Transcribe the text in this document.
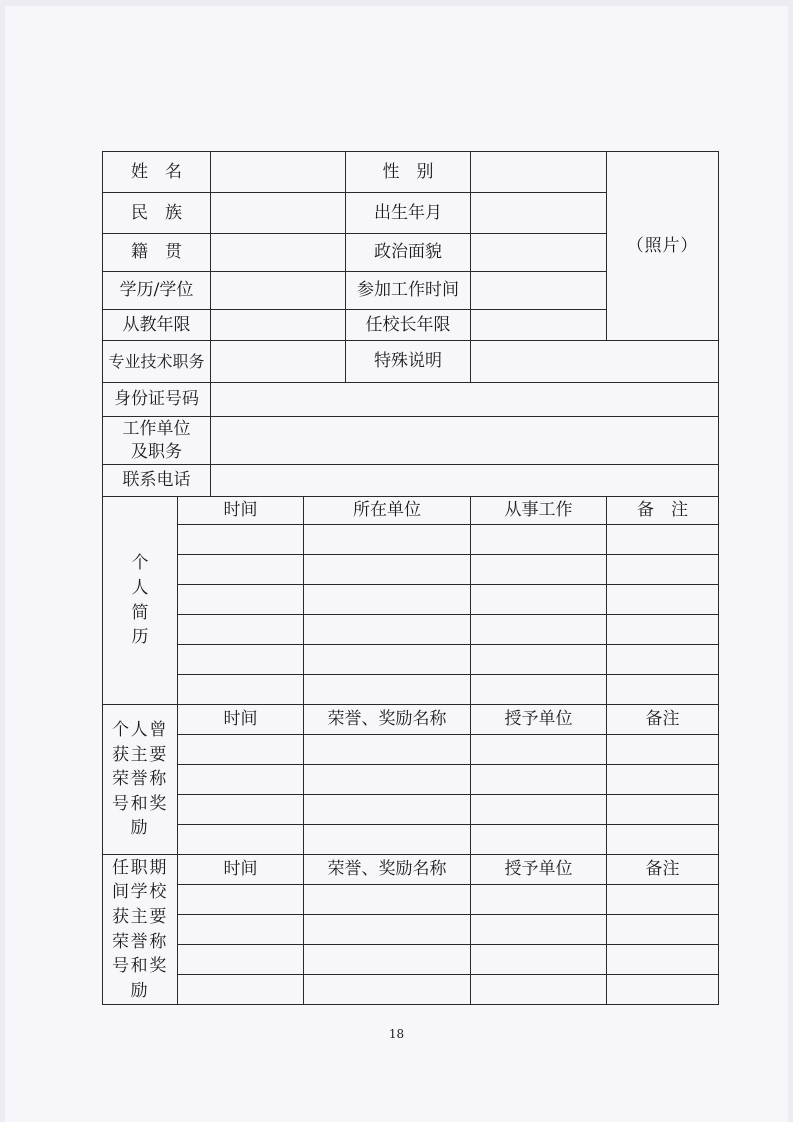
姓　名				性　别		（照片）
民　族				出生年月		
籍　贯				政治面貌		
学历/学位				参加工作时间		
从教年限				任校长年限		
专业技术职务				特殊说明		
身份证号码						
工作单位及职务						
联系电话						
个人简历	时间		所在单位		从事工作	备　注

个人曾获主要荣誉称号和奖励	时间		荣誉、奖励名称		授予单位	备注

任职期间学校获主要荣誉称号和奖励	时间		荣誉、奖励名称		授予单位	备注

18
